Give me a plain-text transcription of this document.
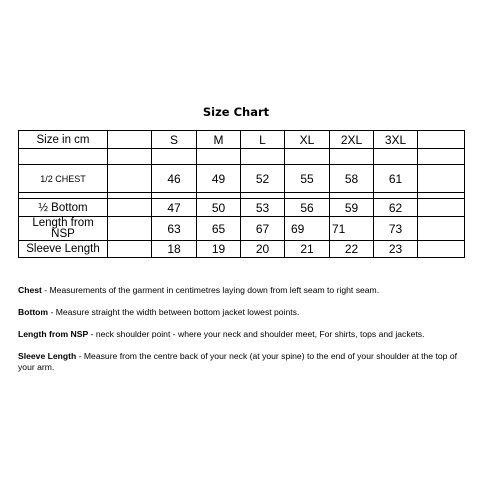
Size Chart
Size in cm		S	M	L	XL	2XL	3XL	

1/2 CHEST		46	49	52	55	58	61	

½ Bottom		47	50	53	56	59	62	
Length from NSP		63	65	67	69	71	73	
Sleeve Length		18	19	20	21	22	23	

Chest - Measurements of the garment in centimetres laying down from left seam to right seam.

Bottom - Measure straight the width between bottom jacket lowest points.

Length from NSP - neck shoulder point - where your neck and shoulder meet, For shirts, tops and jackets.

Sleeve Length - Measure from the centre back of your neck (at your spine) to the end of your shoulder at the top of your arm.
